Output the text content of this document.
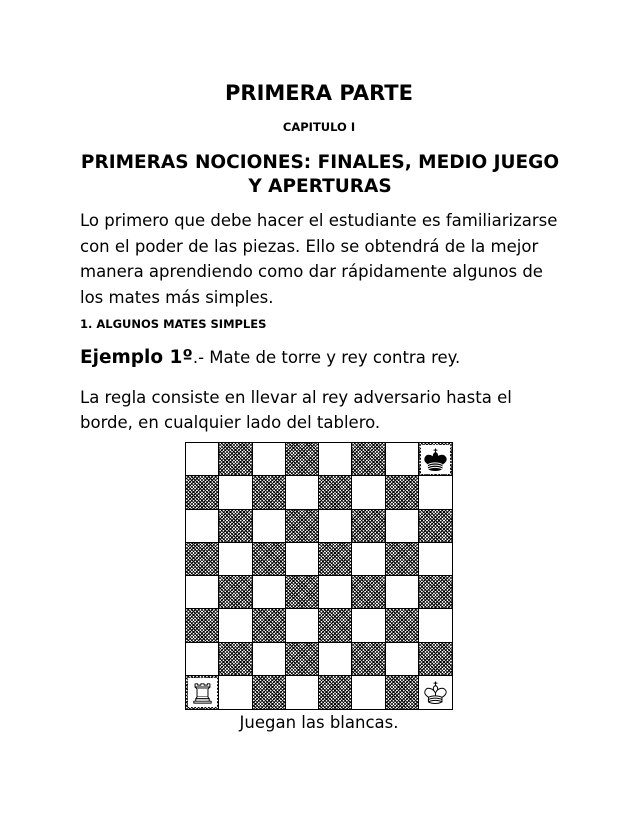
PRIMERA PARTE
CAPITULO I
PRIMERAS NOCIONES: FINALES, MEDIO JUEGO Y APERTURAS
Lo primero que debe hacer el estudiante es familiarizarse con el poder de las piezas. Ello se obtendrá de la mejor manera aprendiendo como dar rápidamente algunos de los mates más simples.
1. ALGUNOS MATES SIMPLES
Ejemplo 1º.- Mate de torre y rey contra rey.
La regla consiste en llevar al rey adversario hasta el borde, en cualquier lado del tablero.
Juegan las blancas.
